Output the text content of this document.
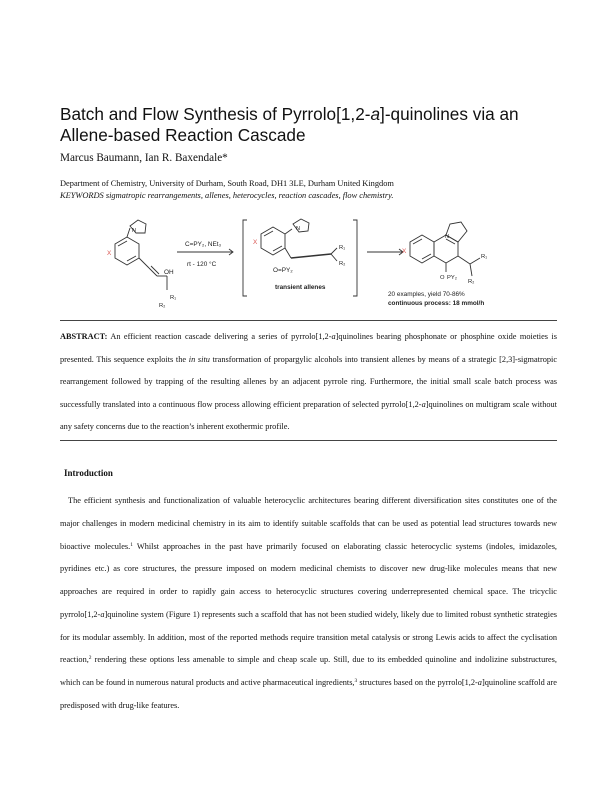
Batch and Flow Synthesis of Pyrrolo[1,2-a]-quinolines via an Allene-based Reaction Cascade
Marcus Baumann, Ian R. Baxendale*
Department of Chemistry, University of Durham, South Road, DH1 3LE, Durham United Kingdom
KEYWORDS sigmatropic rearrangements, allenes, heterocycles, reaction cascades, flow chemistry.
X
N
OH
R₁
R₂
C=PY₂, NEt₃
rt - 120 °C
X
N
O=PY₂
R₁
R₂
transient allenes
X
N
R₁
R₂
O PY₂
20 examples, yield 70-86%
continuous process: 18 mmol/h
ABSTRACT: An efficient reaction cascade delivering a series of pyrrolo[1,2-a]quinolines bearing phosphonate or phosphine oxide moieties is presented. This sequence exploits the in situ transformation of propargylic alcohols into transient allenes by means of a strategic [2,3]-sigmatropic rearrangement followed by trapping of the resulting allenes by an adjacent pyrrole ring. Furthermore, the initial small scale batch process was successfully translated into a continuous flow process allowing efficient preparation of selected pyrrolo[1,2-a]quinolines on multigram scale without any safety concerns due to the reaction’s inherent exothermic profile.
Introduction
The efficient synthesis and functionalization of valuable heterocyclic architectures bearing different diversification sites constitutes one of the major challenges in modern medicinal chemistry in its aim to identify suitable scaffolds that can be used as potential lead structures towards new bioactive molecules.$^1$ Whilst approaches in the past have primarily focused on elaborating classic heterocyclic systems (indoles, imidazoles, pyridines etc.) as core structures, the pressure imposed on modern medicinal chemists to discover new drug-like molecules means that new approaches are required in order to rapidly gain access to heterocyclic structures covering underrepresented chemical space. The tricyclic pyrrolo[1,2-a]quinoline system (Figure 1) represents such a scaffold that has not been studied widely, likely due to limited robust synthetic strategies for its modular assembly. In addition, most of the reported methods require transition metal catalysis or strong Lewis acids to affect the cyclisation reaction,$^2$ rendering these options less amenable to simple and cheap scale up. Still, due to its embedded quinoline and indolizine substructures, which can be found in numerous natural products and active pharmaceutical ingredients,$^3$ structures based on the pyrrolo[1,2-a]quinoline scaffold are predisposed with drug-like features.
